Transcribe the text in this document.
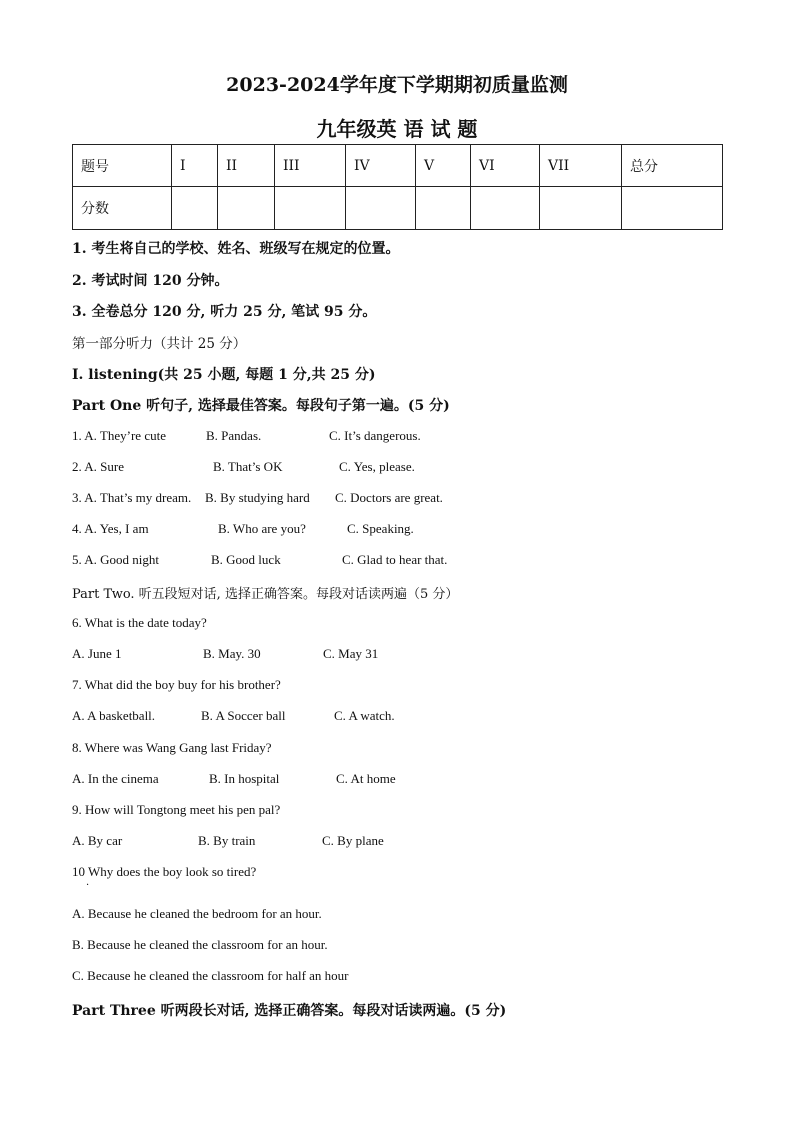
2023-2024学年度下学期期初质量监测
九年级英 语 试 题
题号	I	II	III	IV	V	VI	VII	总分
分数								
1. 考生将自己的学校、姓名、班级写在规定的位置。
2. 考试时间 120 分钟。
3. 全卷总分 120 分, 听力 25 分, 笔试 95 分。
第一部分听力（共计 25 分）
I. listening(共 25 小题, 每题 1 分,共 25 分)
Part One 听句子, 选择最佳答案。每段句子第一遍。(5 分)
1. A. They’re cute	B. Pandas.	C. It’s dangerous.
2. A. Sure	B. That’s OK	C. Yes, please.
3. A. That’s my dream. B. By studying hard C. Doctors are great.
4. A. Yes, I am	B. Who are you?	C. Speaking.
5. A. Good night	B. Good luck	C. Glad to hear that.
Part Two. 听五段短对话, 选择正确答案。每段对话读两遍（5 分）
6. What is the date today?
A. June 1	B. May. 30	C. May 31
7. What did the boy buy for his brother?
A. A basketball.	B. A Soccer ball	C. A watch.
8. Where was Wang Gang last Friday?
A. In the cinema	B. In hospital	C. At home
9. How will Tongtong meet his pen pal?
A. By car	B. By train	C. By plane
10 Why does the boy look so tired?
·
A. Because he cleaned the bedroom for an hour.
B. Because he cleaned the classroom for an hour.
C. Because he cleaned the classroom for half an hour
Part Three 听两段长对话, 选择正确答案。每段对话读两遍。(5 分)
